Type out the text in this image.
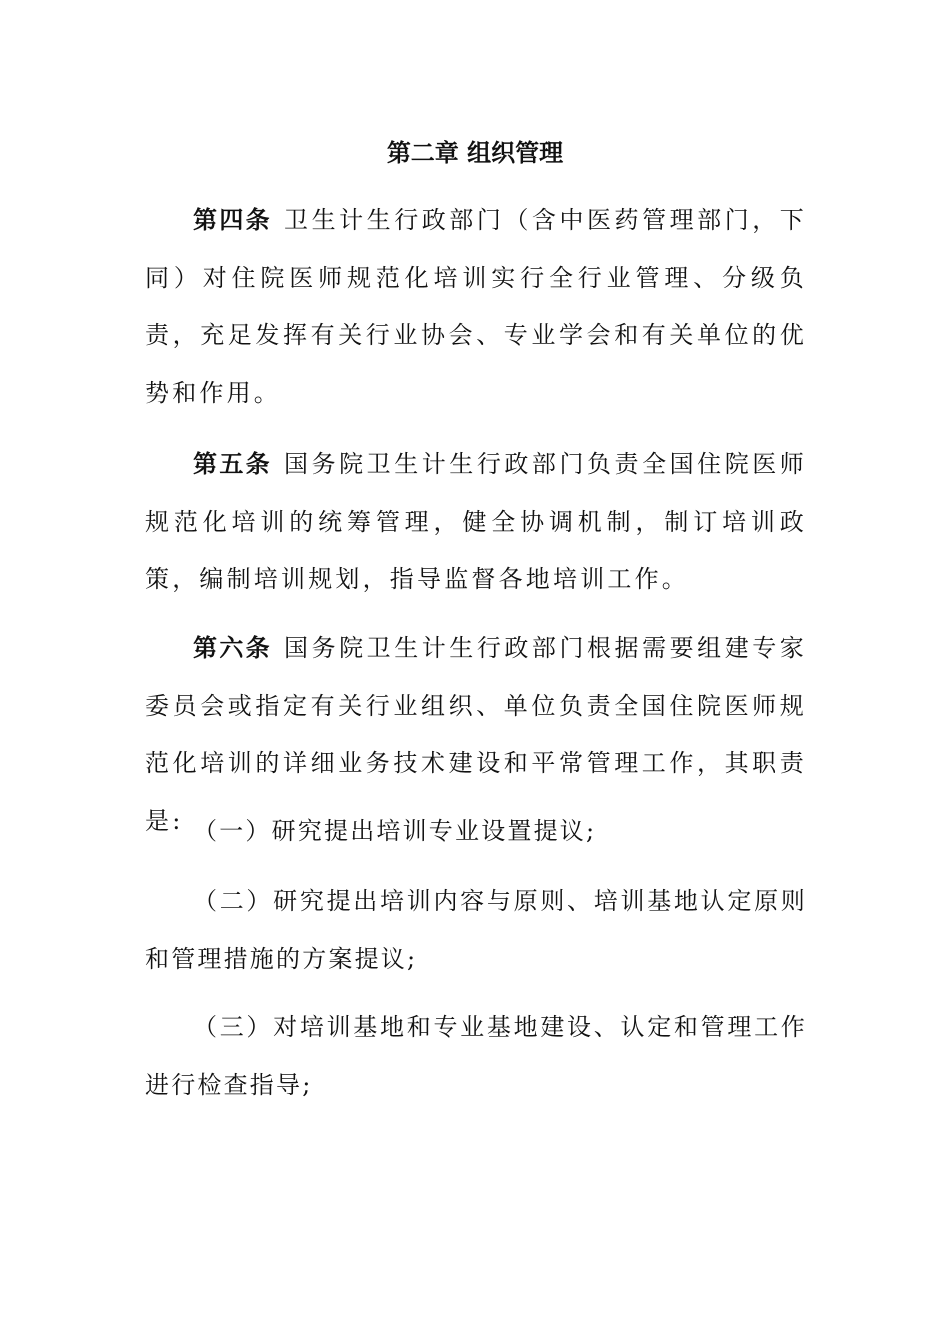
第二章 组织管理

第四条 卫生计生行政部门（含中医药管理部门，下同）对住院医师规范化培训实行全行业管理、分级负责，充足发挥有关行业协会、专业学会和有关单位的优势和作用。

第五条 国务院卫生计生行政部门负责全国住院医师规范化培训的统筹管理，健全协调机制，制订培训政策，编制培训规划，指导监督各地培训工作。

第六条 国务院卫生计生行政部门根据需要组建专家委员会或指定有关行业组织、单位负责全国住院医师规范化培训的详细业务技术建设和平常管理工作，其职责是: （一）研究提出培训专业设置提议;

（二）研究提出培训内容与原则、培训基地认定原则和管理措施的方案提议;

（三）对培训基地和专业基地建设、认定和管理工作进行检查指导;
